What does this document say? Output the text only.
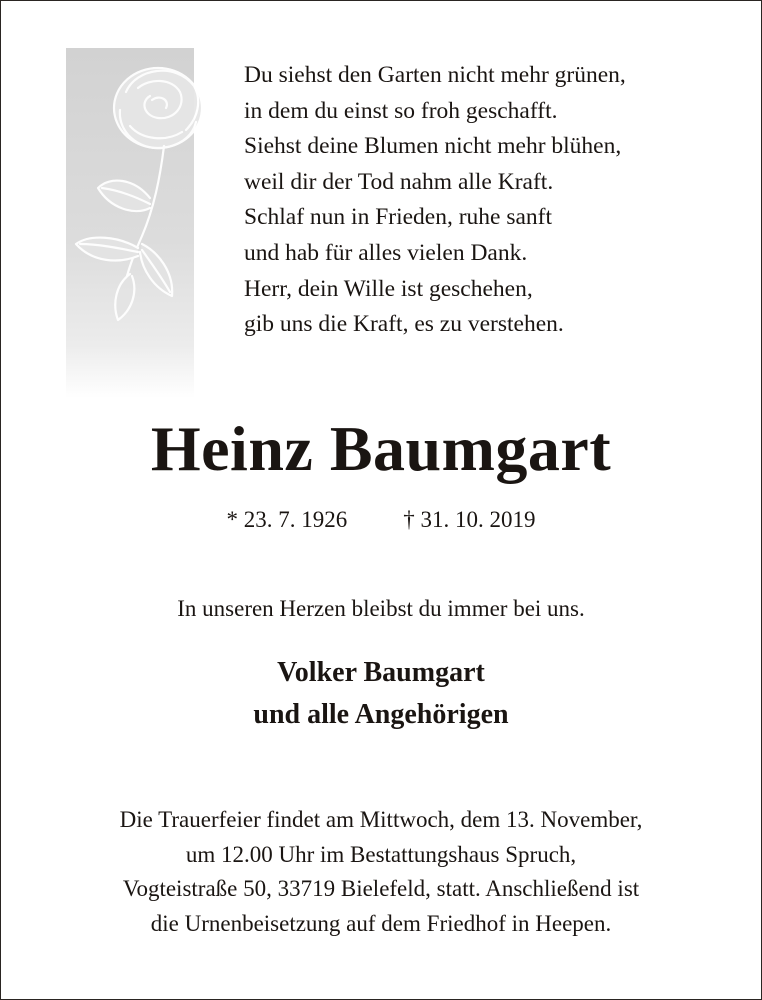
Du siehst den Garten nicht mehr grünen,
in dem du einst so froh geschafft.
Siehst deine Blumen nicht mehr blühen,
weil dir der Tod nahm alle Kraft.
Schlaf nun in Frieden, ruhe sanft
und hab für alles vielen Dank.
Herr, dein Wille ist geschehen,
gib uns die Kraft, es zu verstehen.
Heinz Baumgart
* 23. 7. 1926 † 31. 10. 2019
In unseren Herzen bleibst du immer bei uns.
Volker Baumgart
und alle Angehörigen
Die Trauerfeier findet am Mittwoch, dem 13. November,
um 12.00 Uhr im Bestattungshaus Spruch,
Vogteistraße 50, 33719 Bielefeld, statt. Anschließend ist
die Urnenbeisetzung auf dem Friedhof in Heepen.
